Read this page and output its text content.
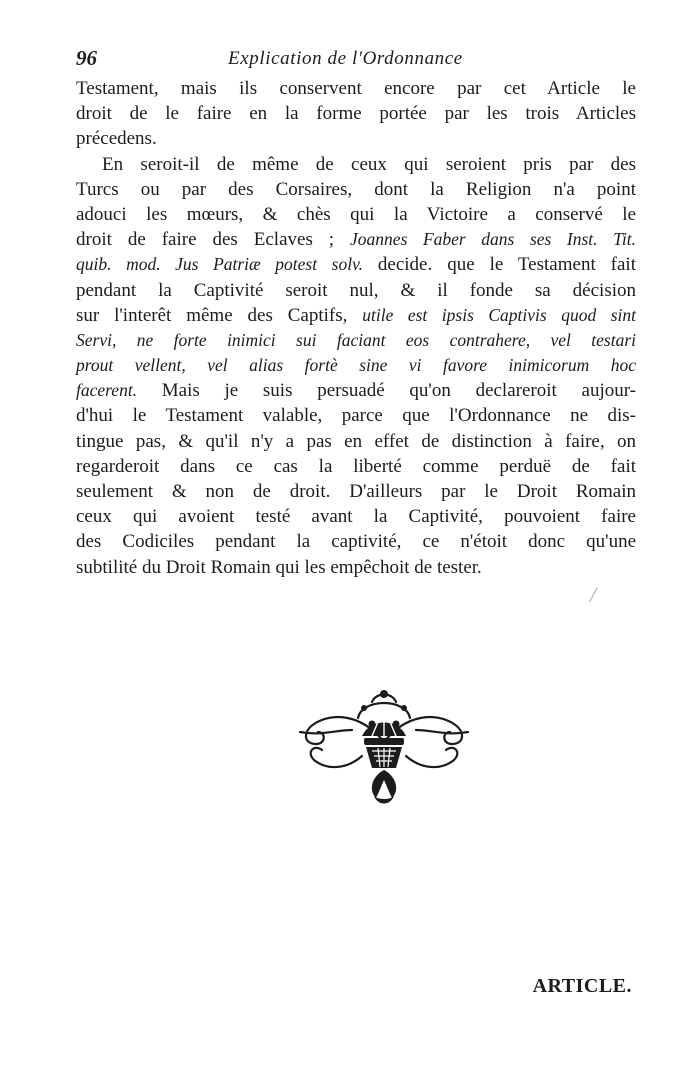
96	Explication de l'Ordonnance
Testament, mais ils conservent encore par cet Article le
droit de le faire en la forme portée par les trois Articles
précedens.
En seroit-il de même de ceux qui seroient pris par des
Turcs ou par des Corsaires, dont la Religion n'a point
adouci les mœurs, & chès qui la Victoire a conservé le
droit de faire des Eclaves ; Joannes Faber dans ses Inst. Tit.
quib. mod. Jus Patriæ potest solv. decide. que le Testament fait
pendant la Captivité seroit nul, & il fonde sa décision
sur l'interêt même des Captifs, utile est ipsis Captivis quod sint
Servi, ne forte inimici sui faciant eos contrahere, vel testari
prout vellent, vel alias fortè sine vi favore inimicorum hoc
facerent. Mais je suis persuadé qu'on declareroit aujour-
d'hui le Testament valable, parce que l'Ordonnance ne dis-
tingue pas, & qu'il n'y a pas en effet de distinction à faire, on
regarderoit dans ce cas la liberté comme perduë de fait
seulement & non de droit. D'ailleurs par le Droit Romain
ceux qui avoient testé avant la Captivité, pouvoient faire
des Codiciles pendant la captivité, ce n'étoit donc qu'une
subtilité du Droit Romain qui les empêchoit de tester.
/
ARTICLE.
